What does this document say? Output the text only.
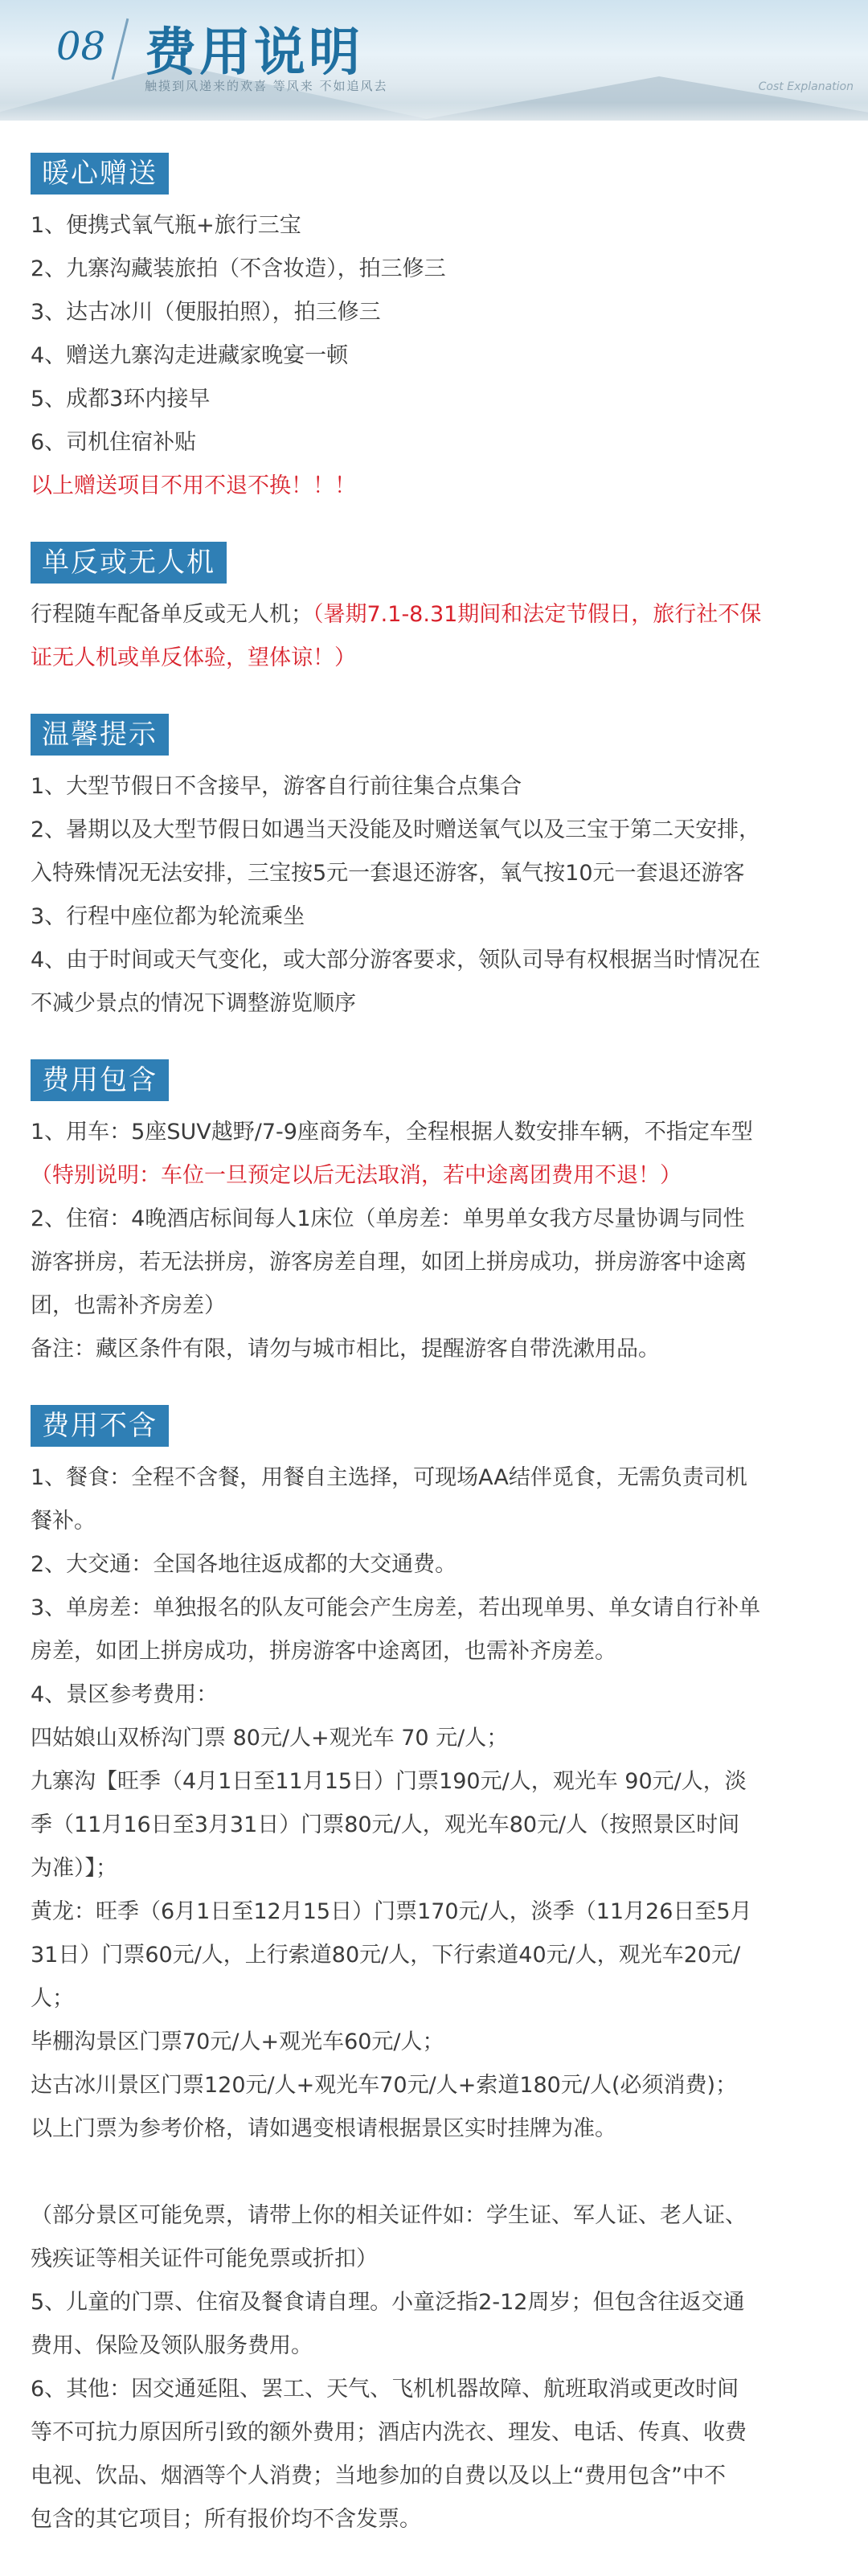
08 费用说明
触摸到风递来的欢喜 等风来 不如追风去	Cost Explanation
暖心赠送
1、便携式氧气瓶+旅行三宝
2、九寨沟藏装旅拍（不含妆造），拍三修三
3、达古冰川（便服拍照），拍三修三
4、赠送九寨沟走进藏家晚宴一顿
5、成都3环内接早
6、司机住宿补贴
以上赠送项目不用不退不换！！！
单反或无人机
行程随车配备单反或无人机；（暑期7.1-8.31期间和法定节假日，旅行社不保
证无人机或单反体验，望体谅！）
温馨提示
1、大型节假日不含接早，游客自行前往集合点集合
2、暑期以及大型节假日如遇当天没能及时赠送氧气以及三宝于第二天安排，
入特殊情况无法安排，三宝按5元一套退还游客，氧气按10元一套退还游客
3、行程中座位都为轮流乘坐
4、由于时间或天气变化，或大部分游客要求，领队司导有权根据当时情况在
不减少景点的情况下调整游览顺序
费用包含
1、用车：5座SUV越野/7-9座商务车，全程根据人数安排车辆，不指定车型
（特别说明：车位一旦预定以后无法取消，若中途离团费用不退！）
2、住宿：4晚酒店标间每人1床位（单房差：单男单女我方尽量协调与同性
游客拼房，若无法拼房，游客房差自理，如团上拼房成功，拼房游客中途离
团，也需补齐房差）
备注：藏区条件有限，请勿与城市相比，提醒游客自带洗漱用品。
费用不含
1、餐食：全程不含餐，用餐自主选择，可现场AA结伴觅食，无需负责司机
餐补。
2、大交通：全国各地往返成都的大交通费。
3、单房差：单独报名的队友可能会产生房差，若出现单男、单女请自行补单
房差，如团上拼房成功，拼房游客中途离团，也需补齐房差。
4、景区参考费用：
四姑娘山双桥沟门票 80元/人+观光车 70 元/人；
九寨沟【旺季（4月1日至11月15日）门票190元/人，观光车 90元/人，淡
季（11月16日至3月31日）门票80元/人，观光车80元/人（按照景区时间
为准）】；
黄龙：旺季（6月1日至12月15日）门票170元/人，淡季（11月26日至5月
31日）门票60元/人，上行索道80元/人，下行索道40元/人，观光车20元/
人；
毕棚沟景区门票70元/人+观光车60元/人；
达古冰川景区门票120元/人+观光车70元/人+索道180元/人(必须消费)；
以上门票为参考价格，请如遇变根请根据景区实时挂牌为准。
（部分景区可能免票，请带上你的相关证件如：学生证、军人证、老人证、
残疾证等相关证件可能免票或折扣）
5、儿童的门票、住宿及餐食请自理。小童泛指2-12周岁；但包含往返交通
费用、保险及领队服务费用。
6、其他：因交通延阻、罢工、天气、飞机机器故障、航班取消或更改时间
等不可抗力原因所引致的额外费用；酒店内洗衣、理发、电话、传真、收费
电视、饮品、烟酒等个人消费；当地参加的自费以及以上“费用包含”中不
包含的其它项目；所有报价均不含发票。
